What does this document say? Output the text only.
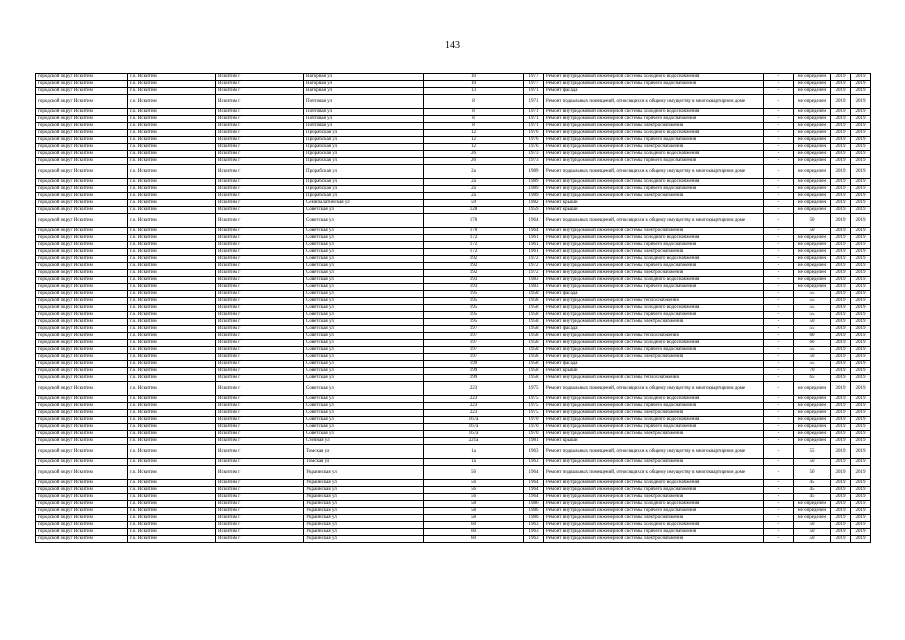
143
городской округ Искитим	г.о. Искитим	Искитим г	Нагорная ул	10	1977	Ремонт внутридомовой инженерной системы холодного водоснабжения	-	не определен	2019	2019
городской округ Искитим	г.о. Искитим	Искитим г	Нагорная ул	10	1977	Ремонт внутридомовой инженерной системы горячего водоснабжения	-	не определен	2019	2019
городской округ Искитим	г.о. Искитим	Искитим г	Нагорная ул	13	1971	Ремонт фасада	-	не определен	2019	2019
городской округ Искитим	г.о. Искитим	Искитим г	Почтовая ул	8	1971	Ремонт подвальных помещений, относящихся к общему имуществу в многоквартирном доме	-	не определен	2019	2019
городской округ Искитим	г.о. Искитим	Искитим г	Почтовая ул	8	1971	Ремонт внутридомовой инженерной системы холодного водоснабжения	-	не определен	2019	2019
городской округ Искитим	г.о. Искитим	Искитим г	Почтовая ул	8	1971	Ремонт внутридомовой инженерной системы горячего водоснабжения	-	не определен	2019	2019
городской округ Искитим	г.о. Искитим	Искитим г	Почтовая ул	8	1971	Ремонт внутридомовой инженерной системы электроснабжения	-	не определен	2019	2019
городской округ Искитим	г.о. Искитим	Искитим г	Прорабская ул	12	1976	Ремонт внутридомовой инженерной системы холодного водоснабжения	-	не определен	2019	2019
городской округ Искитим	г.о. Искитим	Искитим г	Прорабская ул	12	1976	Ремонт внутридомовой инженерной системы горячего водоснабжения	-	не определен	2019	2019
городской округ Искитим	г.о. Искитим	Искитим г	Прорабская ул	12	1976	Ремонт внутридомовой инженерной системы электроснабжения	-	не определен	2019	2019
городской округ Искитим	г.о. Искитим	Искитим г	Прорабская ул	26	1973	Ремонт внутридомовой инженерной системы холодного водоснабжения	-	не определен	2019	2019
городской округ Искитим	г.о. Искитим	Искитим г	Прорабская ул	26	1973	Ремонт внутридомовой инженерной системы горячего водоснабжения	-	не определен	2019	2019
городской округ Искитим	г.о. Искитим	Искитим г	Прорабская ул	2а	1989	Ремонт подвальных помещений, относящихся к общему имуществу в многоквартирном доме	-	не определен	2019	2019
городской округ Искитим	г.о. Искитим	Искитим г	Прорабская ул	2а	1989	Ремонт внутридомовой инженерной системы холодного водоснабжения	-	не определен	2019	2019
городской округ Искитим	г.о. Искитим	Искитим г	Прорабская ул	2а	1989	Ремонт внутридомовой инженерной системы горячего водоснабжения	-	не определен	2019	2019
городской округ Искитим	г.о. Искитим	Искитим г	Прорабская ул	2а	1989	Ремонт внутридомовой инженерной системы электроснабжения	-	не определен	2019	2019
городской округ Искитим	г.о. Искитим	Искитим г	Семипалатинская ул	59	1982	Ремонт крыши	-	не определен	2019	2019
городской округ Искитим	г.о. Искитим	Искитим г	Советская ул	128	1959	Ремонт крыши	-	не определен	2019	2019
городской округ Искитим	г.о. Искитим	Искитим г	Советская ул	170	1964	Ремонт подвальных помещений, относящихся к общему имуществу в многоквартирном доме	-	50	2019	2019
городской округ Искитим	г.о. Искитим	Искитим г	Советская ул	170	1964	Ремонт внутридомовой инженерной системы электроснабжения	-	50	2019	2019
городской округ Искитим	г.о. Искитим	Искитим г	Советская ул	172	1961	Ремонт внутридомовой инженерной системы холодного водоснабжения	-	не определен	2019	2019
городской округ Искитим	г.о. Искитим	Искитим г	Советская ул	172	1961	Ремонт внутридомовой инженерной системы горячего водоснабжения	-	не определен	2019	2019
городской округ Искитим	г.о. Искитим	Искитим г	Советская ул	172	1961	Ремонт внутридомовой инженерной системы электроснабжения	-	не определен	2019	2019
городской округ Искитим	г.о. Искитим	Искитим г	Советская ул	192	1972	Ремонт внутридомовой инженерной системы холодного водоснабжения	-	не определен	2019	2019
городской округ Искитим	г.о. Искитим	Искитим г	Советская ул	192	1972	Ремонт внутридомовой инженерной системы горячего водоснабжения	-	не определен	2019	2019
городской округ Искитим	г.о. Искитим	Искитим г	Советская ул	192	1972	Ремонт внутридомовой инженерной системы электроснабжения	-	не определен	2019	2019
городской округ Искитим	г.о. Искитим	Искитим г	Советская ул	193	1983	Ремонт внутридомовой инженерной системы холодного водоснабжения	-	не определен	2019	2019
городской округ Искитим	г.о. Искитим	Искитим г	Советская ул	193	1983	Ремонт внутридомовой инженерной системы горячего водоснабжения	-	не определен	2019	2019
городской округ Искитим	г.о. Искитим	Искитим г	Советская ул	195	1958	Ремонт фасада	-	55	2019	2019
городской округ Искитим	г.о. Искитим	Искитим г	Советская ул	195	1958	Ремонт внутридомовой инженерной системы теплоснабжения	-	55	2019	2019
городской округ Искитим	г.о. Искитим	Искитим г	Советская ул	195	1958	Ремонт внутридомовой инженерной системы холодного водоснабжения	-	55	2019	2019
городской округ Искитим	г.о. Искитим	Искитим г	Советская ул	195	1958	Ремонт внутридомовой инженерной системы горячего водоснабжения	-	55	2019	2019
городской округ Искитим	г.о. Искитим	Искитим г	Советская ул	195	1958	Ремонт внутридомовой инженерной системы электроснабжения	-	50	2019	2019
городской округ Искитим	г.о. Искитим	Искитим г	Советская ул	197	1958	Ремонт фасада	-	55	2019	2019
городской округ Искитим	г.о. Искитим	Искитим г	Советская ул	197	1958	Ремонт внутридомовой инженерной системы теплоснабжения	-	60	2019	2019
городской округ Искитим	г.о. Искитим	Искитим г	Советская ул	197	1958	Ремонт внутридомовой инженерной системы холодного водоснабжения	-	60	2019	2019
городской округ Искитим	г.о. Искитим	Искитим г	Советская ул	197	1958	Ремонт внутридомовой инженерной системы горячего водоснабжения	-	55	2019	2019
городской округ Искитим	г.о. Искитим	Искитим г	Советская ул	197	1958	Ремонт внутридомовой инженерной системы электроснабжения	-	50	2019	2019
городской округ Искитим	г.о. Искитим	Искитим г	Советская ул	199	1958	Ремонт фасада	-	55	2019	2019
городской округ Искитим	г.о. Искитим	Искитим г	Советская ул	199	1958	Ремонт крыши	-	70	2019	2019
городской округ Искитим	г.о. Искитим	Искитим г	Советская ул	199	1958	Ремонт внутридомовой инженерной системы теплоснабжения	-	65	2019	2019
городской округ Искитим	г.о. Искитим	Искитим г	Советская ул	223	1975	Ремонт подвальных помещений, относящихся к общему имуществу в многоквартирном доме	-	не определен	2019	2019
городской округ Искитим	г.о. Искитим	Искитим г	Советская ул	223	1975	Ремонт внутридомовой инженерной системы холодного водоснабжения	-	не определен	2019	2019
городской округ Искитим	г.о. Искитим	Искитим г	Советская ул	223	1975	Ремонт внутридомовой инженерной системы горячего водоснабжения	-	не определен	2019	2019
городской округ Искитим	г.о. Искитим	Искитим г	Советская ул	223	1975	Ремонт внутридомовой инженерной системы электроснабжения	-	не определен	2019	2019
городской округ Искитим	г.о. Искитим	Искитим г	Советская ул	167а	1970	Ремонт внутридомовой инженерной системы холодного водоснабжения	-	не определен	2019	2019
городской округ Искитим	г.о. Искитим	Искитим г	Советская ул	167а	1970	Ремонт внутридомовой инженерной системы горячего водоснабжения	-	не определен	2019	2019
городской округ Искитим	г.о. Искитим	Искитим г	Советская ул	167а	1970	Ремонт внутридомовой инженерной системы электроснабжения	-	не определен	2019	2019
городской округ Искитим	г.о. Искитим	Искитим г	Степная ул	221а	1981	Ремонт крыши	-	не определен	2019	2019
городской округ Искитим	г.о. Искитим	Искитим г	Томская ул	1а	1963	Ремонт подвальных помещений, относящихся к общему имуществу в многоквартирном доме	-	55	2019	2019
городской округ Искитим	г.о. Искитим	Искитим г	Томская ул	1а	1963	Ремонт внутридомовой инженерной системы электроснабжения	-	50	2019	2019
городской округ Искитим	г.о. Искитим	Искитим г	Украинская ул	56	1964	Ремонт подвальных помещений, относящихся к общему имуществу в многоквартирном доме	-	50	2019	2019
городской округ Искитим	г.о. Искитим	Искитим г	Украинская ул	56	1964	Ремонт внутридомовой инженерной системы холодного водоснабжения	-	45	2019	2019
городской округ Искитим	г.о. Искитим	Искитим г	Украинская ул	56	1964	Ремонт внутридомовой инженерной системы горячего водоснабжения	-	45	2019	2019
городской округ Искитим	г.о. Искитим	Искитим г	Украинская ул	56	1964	Ремонт внутридомовой инженерной системы электроснабжения	-	45	2019	2019
городской округ Искитим	г.о. Искитим	Искитим г	Украинская ул	58	1986	Ремонт внутридомовой инженерной системы холодного водоснабжения	-	не определен	2019	2019
городской округ Искитим	г.о. Искитим	Искитим г	Украинская ул	58	1986	Ремонт внутридомовой инженерной системы горячего водоснабжения	-	не определен	2019	2019
городской округ Искитим	г.о. Искитим	Искитим г	Украинская ул	58	1986	Ремонт внутридомовой инженерной системы электроснабжения	-	не определен	2019	2019
городской округ Искитим	г.о. Искитим	Искитим г	Украинская ул	60	1963	Ремонт внутридомовой инженерной системы холодного водоснабжения	-	50	2019	2019
городской округ Искитим	г.о. Искитим	Искитим г	Украинская ул	60	1963	Ремонт внутридомовой инженерной системы горячего водоснабжения	-	50	2019	2019
городской округ Искитим	г.о. Искитим	Искитим г	Украинская ул	60	1963	Ремонт внутридомовой инженерной системы электроснабжения	-	50	2019	2019
